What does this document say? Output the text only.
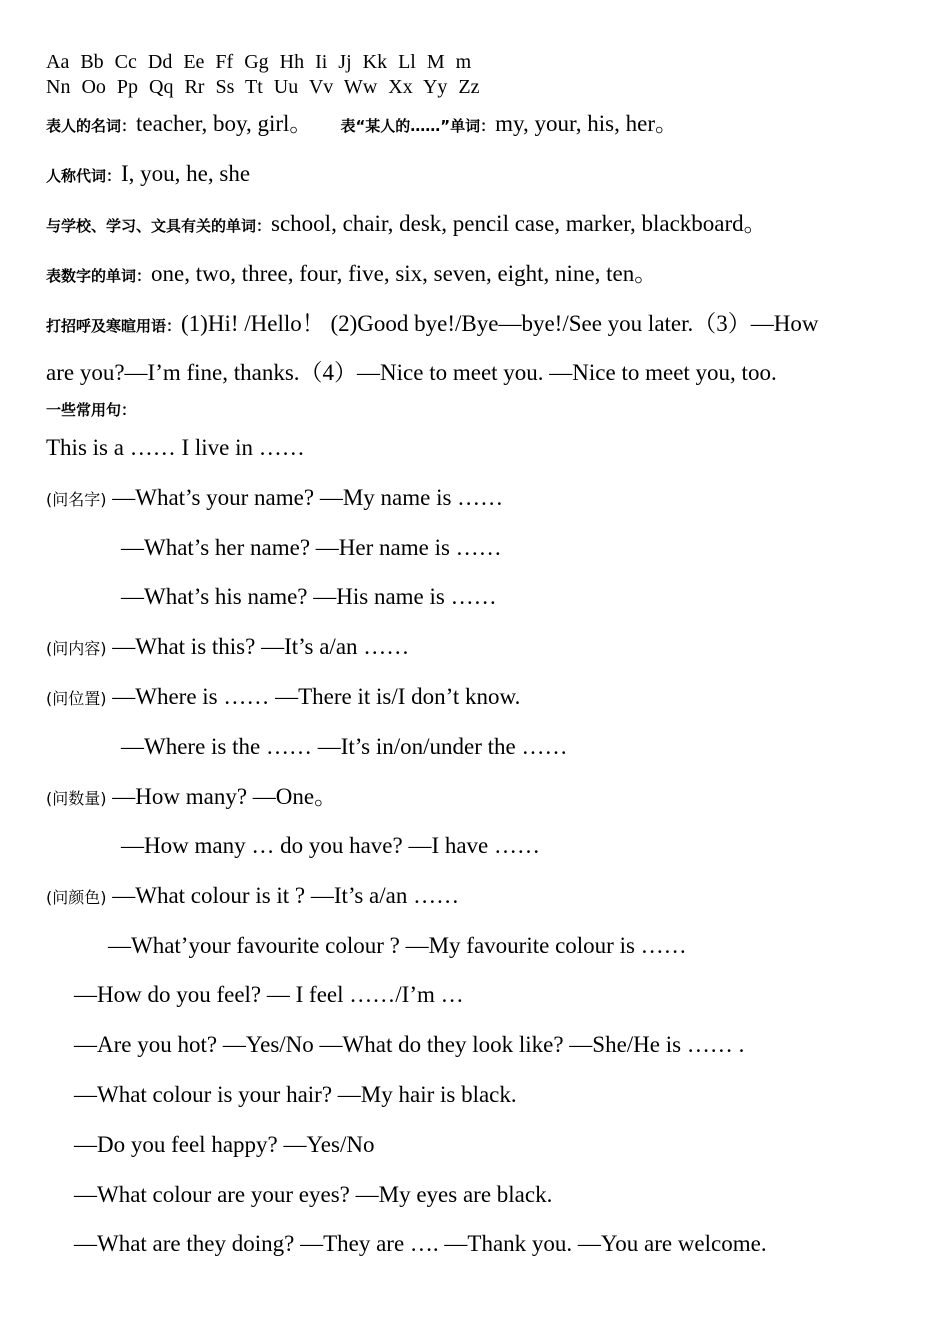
Aa Bb Cc Dd Ee Ff Gg Hh Ii Jj Kk Ll M m
Nn Oo Pp Qq Rr Ss Tt Uu Vv Ww Xx Yy Zz
表人的名词：teacher, boy, girl。 表“某人的……”单词：my, your, his, her。
人称代词：I, you, he, she
与学校、学习、文具有关的单词：school, chair, desk, pencil case, marker, blackboard。
表数字的单词：one, two, three, four, five, six, seven, eight, nine, ten。
打招呼及寒暄用语：(1)Hi! /Hello！ (2)Good bye!/Bye—bye!/See you later.（3）—How
are you?—I’m fine, thanks.（4）—Nice to meet you. —Nice to meet you, too.
一些常用句：
This is a …… I live in ……
(问名字) —What’s your name? —My name is ……
—What’s her name? —Her name is ……
—What’s his name? —His name is ……
(问内容) —What is this? —It’s a/an ……
(问位置) —Where is …… —There it is/I don’t know.
—Where is the …… —It’s in/on/under the ……
(问数量) —How many? —One。
—How many … do you have? —I have ……
(问颜色) —What colour is it ? —It’s a/an ……
—What’your favourite colour ? —My favourite colour is ……
—How do you feel? — I feel ……/I’m …
—Are you hot? —Yes/No —What do they look like? —She/He is …… .
—What colour is your hair? —My hair is black.
—Do you feel happy? —Yes/No
—What colour are your eyes? —My eyes are black.
—What are they doing? —They are …. —Thank you. —You are welcome.
